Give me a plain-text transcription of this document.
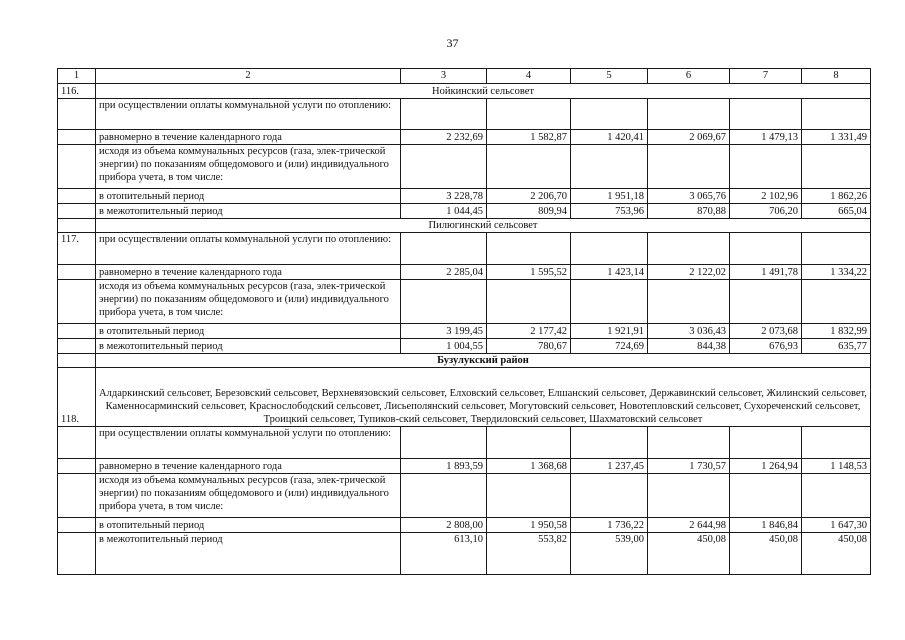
37
1	2	3	4	5	6	7	8
116.	Нойкинский сельсовет						
	при осуществлении оплаты коммунальной услуги по отоплению:						
	равномерно в течение календарного года	2 232,69	1 582,87	1 420,41	2 069,67	1 479,13	1 331,49
	исходя из объема коммунальных ресурсов (газа, элек-трической энергии) по показаниям общедомового и (или) индивидуального прибора учета, в том числе:						
	в отопительный период	3 228,78	2 206,70	1 951,18	3 065,76	2 102,96	1 862,26
	в межотопительный период	1 044,45	809,94	753,96	870,88	706,20	665,04
	Пилюгинский сельсовет						
117.	при осуществлении оплаты коммунальной услуги по отоплению:						
	равномерно в течение календарного года	2 285,04	1 595,52	1 423,14	2 122,02	1 491,78	1 334,22
	исходя из объема коммунальных ресурсов (газа, элек-трической энергии) по показаниям общедомового и (или) индивидуального прибора учета, в том числе:						
	в отопительный период	3 199,45	2 177,42	1 921,91	3 036,43	2 073,68	1 832,99
	в межотопительный период	1 004,55	780,67	724,69	844,38	676,93	635,77
	Бузулукский район						
118.	Алдаркинский сельсовет, Березовский сельсовет, Верхневязовский сельсовет, Елховский сельсовет, Елшанский сельсовет, Державинский сельсовет, Жилинский сельсовет, Каменносарминский сельсовет, Краснослободский сельсовет, Лисьеполянский сельсовет, Могутовский сельсовет, Новотепловский сельсовет, Сухореченский сельсовет, Троицкий сельсовет, Тупиков-ский сельсовет, Твердиловский сельсовет, Шахматовский сельсовет						
	при осуществлении оплаты коммунальной услуги по отоплению:						
	равномерно в течение календарного года	1 893,59	1 368,68	1 237,45	1 730,57	1 264,94	1 148,53
	исходя из объема коммунальных ресурсов (газа, элек-трической энергии) по показаниям общедомового и (или) индивидуального прибора учета, в том числе:						
	в отопительный период	2 808,00	1 950,58	1 736,22	2 644,98	1 846,84	1 647,30
	в межотопительный период	613,10	553,82	539,00	450,08	450,08	450,08
